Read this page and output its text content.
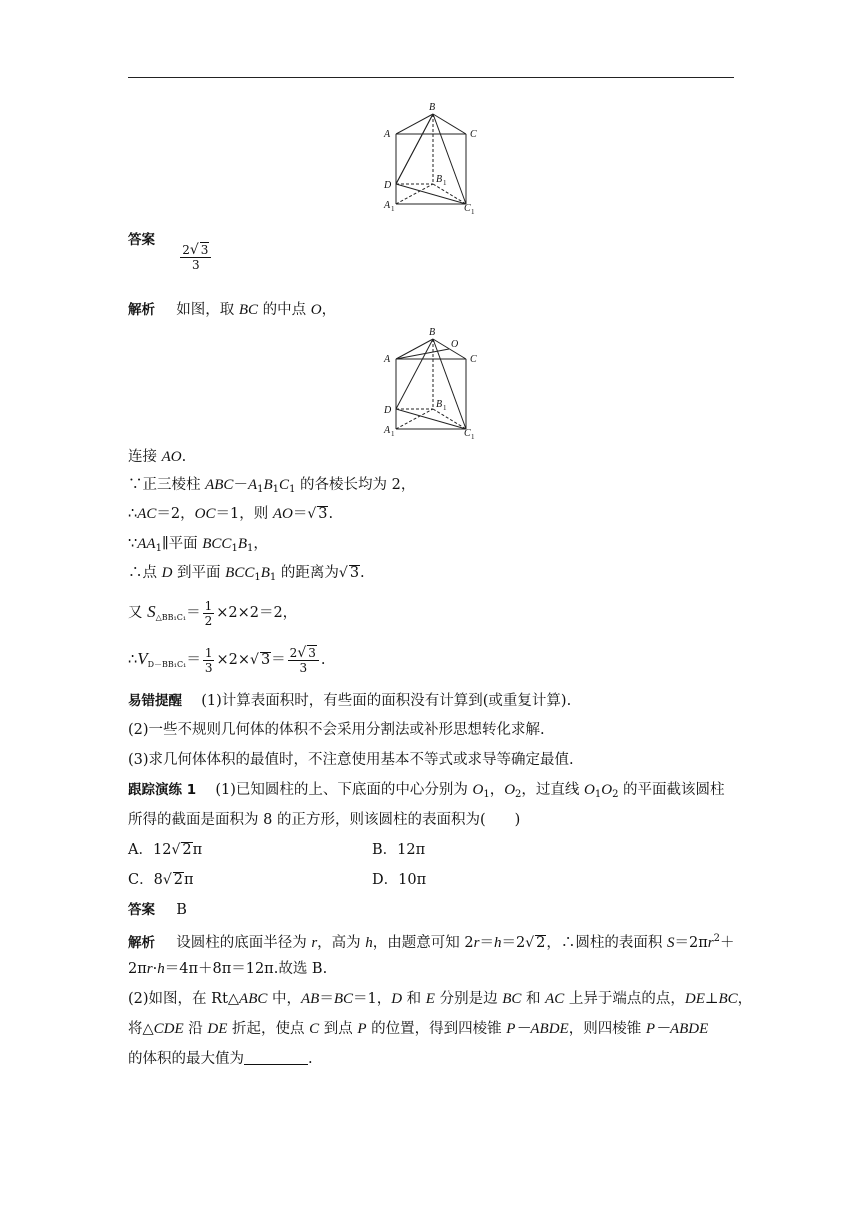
B
A	C
D
B 1
A 1	C 1
答案
$\frac{2√ 3}{3}$
解析 如图，取 BC 的中点 O，
B
O
A	C
D
B 1
A 1	C 1
连接 AO.
∵正三棱柱 $ABC-A_1B_1C_1$ 的各棱长均为 2，
∴AC＝2，OC＝1，则 AO＝√ 3.
$\because AA_1\parallel$平面 $BCC_1B_1$，
∴点 D 到平面 $BCC_1B_1$ 的距离为√ 3.
又 $S_{\triangle BB_1C_1}= \frac{1}{2} \times 2\times 2=2$，
$\therefore V_{D-BB_1C_1}= \frac{1}{3} \times 2\times√$ $3= \frac{2√ 3}{3}$ .
易错提醒 (1)计算表面积时，有些面的面积没有计算到(或重复计算).
(2)一些不规则几何体的体积不会采用分割法或补形思想转化求解.
(3)求几何体体积的最值时，不注意使用基本不等式或求导等确定最值.
跟踪演练 1 (1)已知圆柱的上、下底面的中心分别为 $O_1$，$O_2$，过直线 $O_1O_2$ 的平面截该圆柱
所得的截面是面积为 8 的正方形，则该圆柱的表面积为(　　)
A．12√ 2π	B．12π
C．8√ 2π	D．10π
答案 B
解析 设圆柱的底面半径为 r，高为 h，由题意可知 2r＝h＝2√ 2，∴圆柱的表面积 $S=2\pi r^2+$
2πr·h＝4π＋8π＝12π.故选 B.
(2)如图，在 Rt△ABC 中，AB＝BC＝1，D 和 E 分别是边 BC 和 AC 上异于端点的点，DE⊥BC，
将△CDE 沿 DE 折起，使点 C 到点 P 的位置，得到四棱锥 P－ABDE，则四棱锥 P－ABDE
的体积的最大值为	.
